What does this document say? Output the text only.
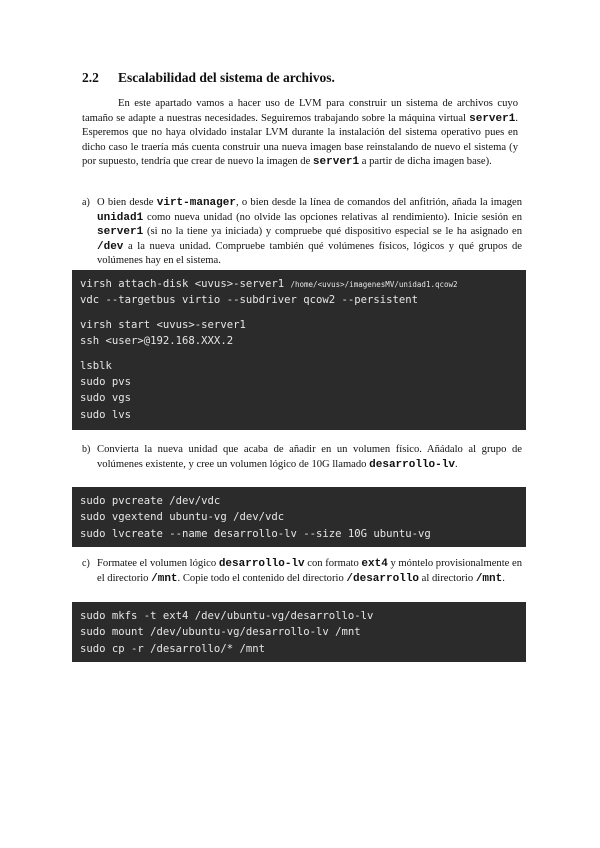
2.2 Escalabilidad del sistema de archivos.
En este apartado vamos a hacer uso de LVM para construir un sistema de archivos cuyo tamaño se adapte a nuestras necesidades. Seguiremos trabajando sobre la máquina virtual server1. Esperemos que no haya olvidado instalar LVM durante la instalación del sistema operativo pues en dicho caso le traería más cuenta construir una nueva imagen base reinstalando de nuevo el sistema (y por supuesto, tendría que crear de nuevo la imagen de server1 a partir de dicha imagen base).
a) O bien desde virt-manager, o bien desde la línea de comandos del anfitrión, añada la imagen unidad1 como nueva unidad (no olvide las opciones relativas al rendimiento). Inicie sesión en server1 (si no la tiene ya iniciada) y compruebe qué dispositivo especial se le ha asignado en /dev a la nueva unidad. Compruebe también qué volúmenes físicos, lógicos y qué grupos de volúmenes hay en el sistema.
virsh attach-disk <uvus>-server1 /home/<uvus>/imagenesMV/unidad1.qcow2
vdc --targetbus virtio --subdriver qcow2 --persistent
virsh start <uvus>-server1
ssh <user>@192.168.XXX.2
lsblk
sudo pvs
sudo vgs
sudo lvs
b) Convierta la nueva unidad que acaba de añadir en un volumen físico. Añádalo al grupo de volúmenes existente, y cree un volumen lógico de 10G llamado desarrollo-lv.
sudo pvcreate /dev/vdc
sudo vgextend ubuntu-vg /dev/vdc
sudo lvcreate --name desarrollo-lv --size 10G ubuntu-vg
c) Formatee el volumen lógico desarrollo-lv con formato ext4 y móntelo provisionalmente en el directorio /mnt. Copie todo el contenido del directorio /desarrollo al directorio /mnt.
sudo mkfs -t ext4 /dev/ubuntu-vg/desarrollo-lv
sudo mount /dev/ubuntu-vg/desarrollo-lv /mnt
sudo cp -r /desarrollo/* /mnt
